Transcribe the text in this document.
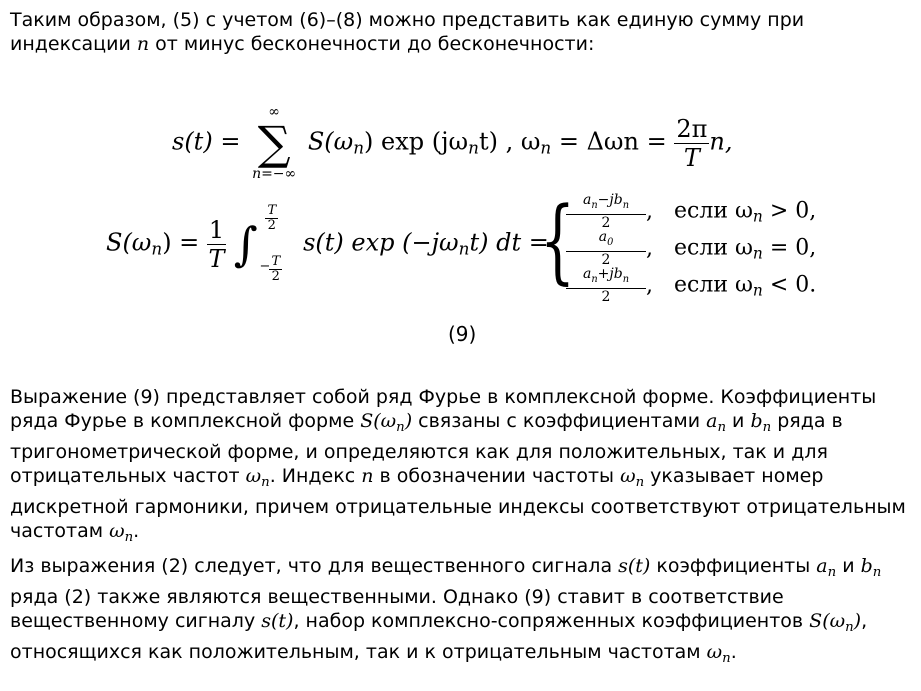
Таким образом, (5) с учетом (6)–(8) можно представить как единую сумму при
индексации n от минус бесконечности до бесконечности:

s(t) =
∞
∑
n=−∞
$S(\omega_n)$ $\exp (j\omega_nt)$ , $\omega_n = \Delta\omega n = \frac{2\pi}{T} n$,
$S(\omega_n) = \frac{1}{T}$ ∫ $\frac{T}{2}$
− $\frac{T}{2}$
s(t) $\exp (-j\omega_nt)$ dt =
{
$\frac{a_n-jb_n}{2}$ , если $\omega_n > 0$,
$\frac{a_0}{2}$ , если $\omega_n = 0$,
$\frac{a_n+jb_n}{2}$ , если $\omega_n < 0$.
(9)

Выражение (9) представляет собой ряд Фурье в комплексной форме. Коэффициенты ряда Фурье в комплексной форме $S(\omega_n)$ связаны с коэффициентами $a_n$ и $b_n$ ряда в тригонометрической форме, и определяются как для положительных, так и для отрицательных частот $\omega_n$. Индекс n в обозначении частоты $\omega_n$ указывает номер дискретной гармоники, причем отрицательные индексы соответствуют отрицательным частотам $\omega_n$.

Из выражения (2) следует, что для вещественного сигнала s(t) коэффициенты $a_n$ и $b_n$ ряда (2) также являются вещественными. Однако (9) ставит в соответствие вещественному сигналу s(t), набор комплексно-сопряженных коэффициентов $S(\omega_n)$, относящихся как положительным, так и к отрицательным частотам $\omega_n$.
